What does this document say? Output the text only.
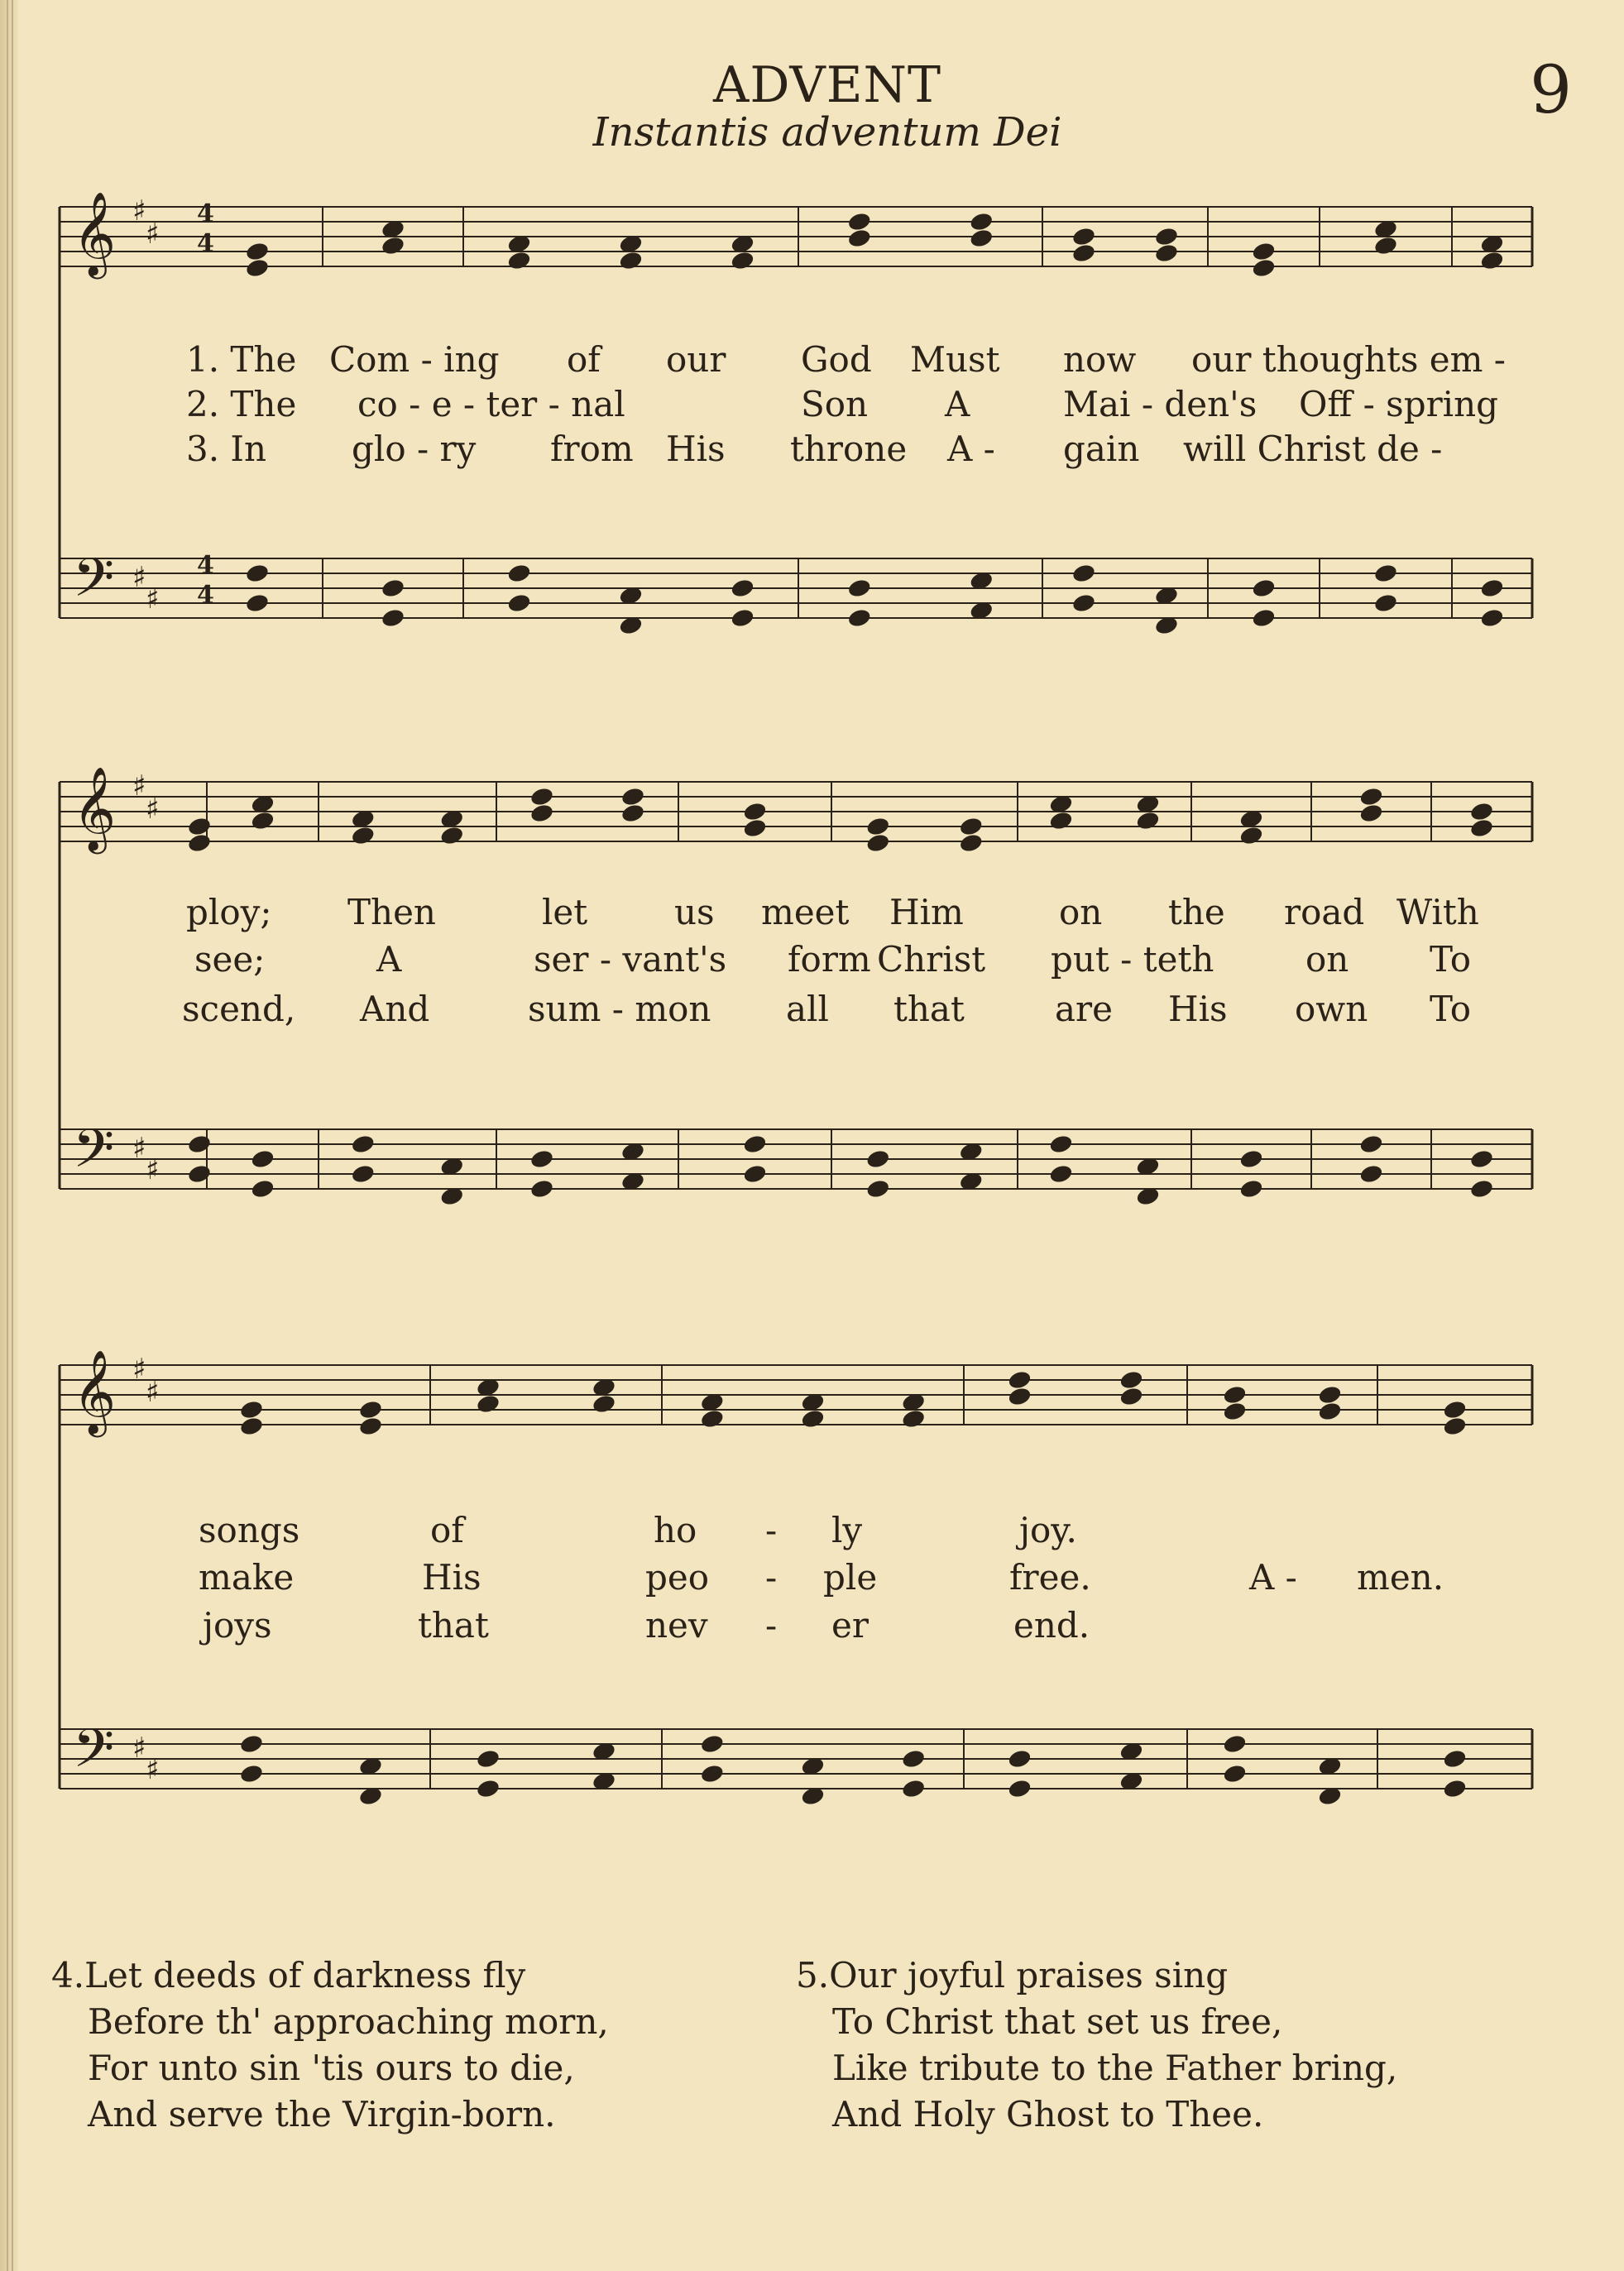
ADVENT
Instantis adventum Dei
9
𝄞
𝄢
♯
♯
♯
♯
𝄞
𝄢
♯
♯
♯
♯
𝄞
𝄢
♯
♯
♯
♯
4
4
4
4
1. The Com - ing of our God Must now our thoughts em -
2. The co - e - ter - nal	Son A	Mai - den's Off - spring
3. In glo - ry from His throne A - gain will Christ de -
ploy; Then	let us meet Him	on the road With
see;	A	ser - vant's form Christ put - teth	on To
scend, And	sum - mon all that	are His own To
songs	of	ho - ly	joy.
make	His	peo - ple	free.	A - men.
joys	that	nev - er	end.
4.Let deeds of darkness fly
Before th' approaching morn,
For unto sin 'tis ours to die,
And serve the Virgin-born.
5.Our joyful praises sing
To Christ that set us free,
Like tribute to the Father bring,
And Holy Ghost to Thee.
